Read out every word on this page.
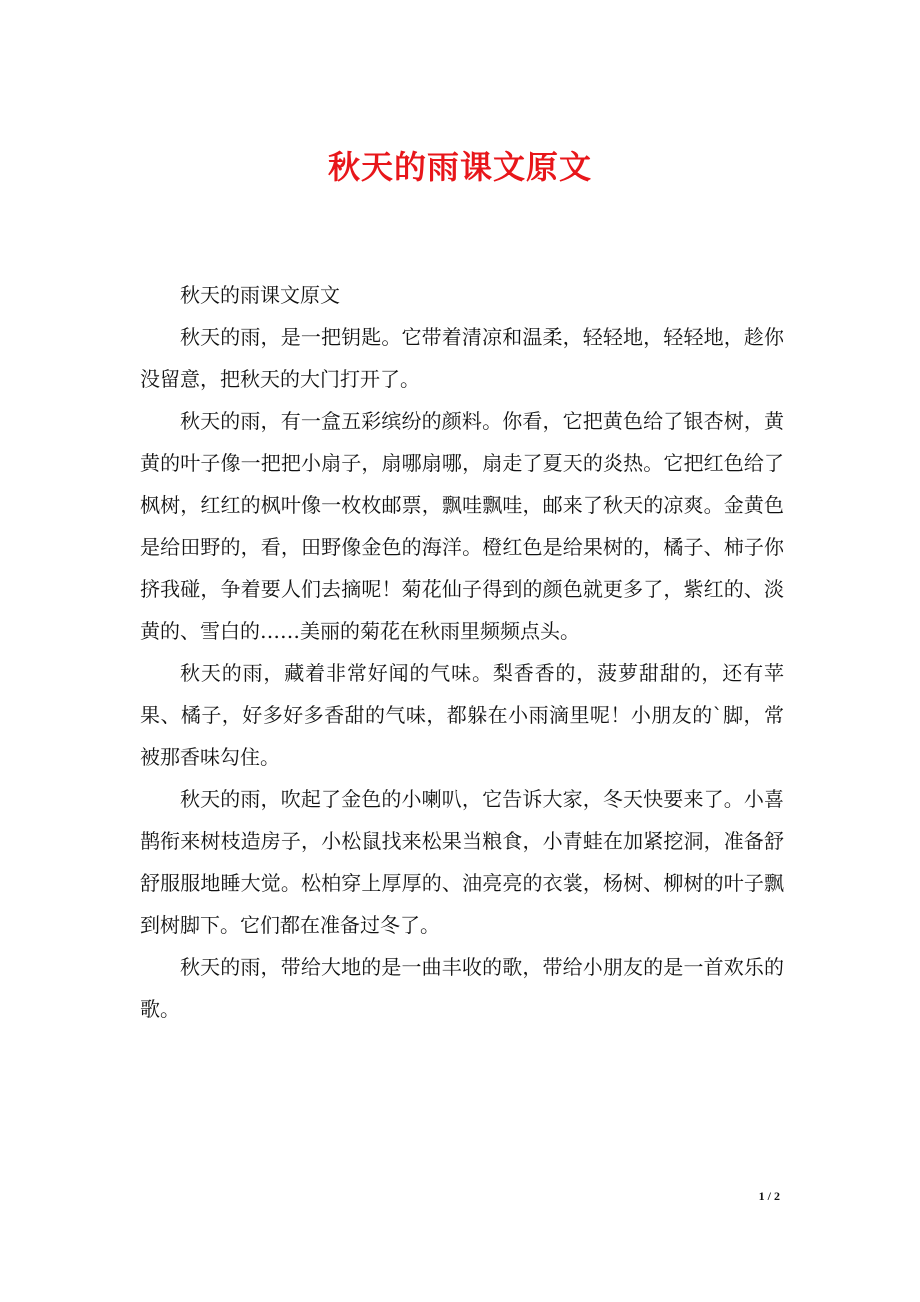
秋天的雨课文原文

秋天的雨课文原文

秋天的雨，是一把钥匙。它带着清凉和温柔，轻轻地，轻轻地，趁你没留意，把秋天的大门打开了。

秋天的雨，有一盒五彩缤纷的颜料。你看，它把黄色给了银杏树，黄黄的叶子像一把把小扇子，扇哪扇哪，扇走了夏天的炎热。它把红色给了枫树，红红的枫叶像一枚枚邮票，飘哇飘哇，邮来了秋天的凉爽。金黄色是给田野的，看，田野像金色的海洋。橙红色是给果树的，橘子、柿子你挤我碰，争着要人们去摘呢！菊花仙子得到的颜色就更多了，紫红的、淡黄的、雪白的……美丽的菊花在秋雨里频频点头。

秋天的雨，藏着非常好闻的气味。梨香香的，菠萝甜甜的，还有苹果、橘子，好多好多香甜的气味，都躲在小雨滴里呢！小朋友的`脚，常被那香味勾住。

秋天的雨，吹起了金色的小喇叭，它告诉大家，冬天快要来了。小喜鹊衔来树枝造房子，小松鼠找来松果当粮食，小青蛙在加紧挖洞，准备舒舒服服地睡大觉。松柏穿上厚厚的、油亮亮的衣裳，杨树、柳树的叶子飘到树脚下。它们都在准备过冬了。

秋天的雨，带给大地的是一曲丰收的歌，带给小朋友的是一首欢乐的歌。

1 / 2
